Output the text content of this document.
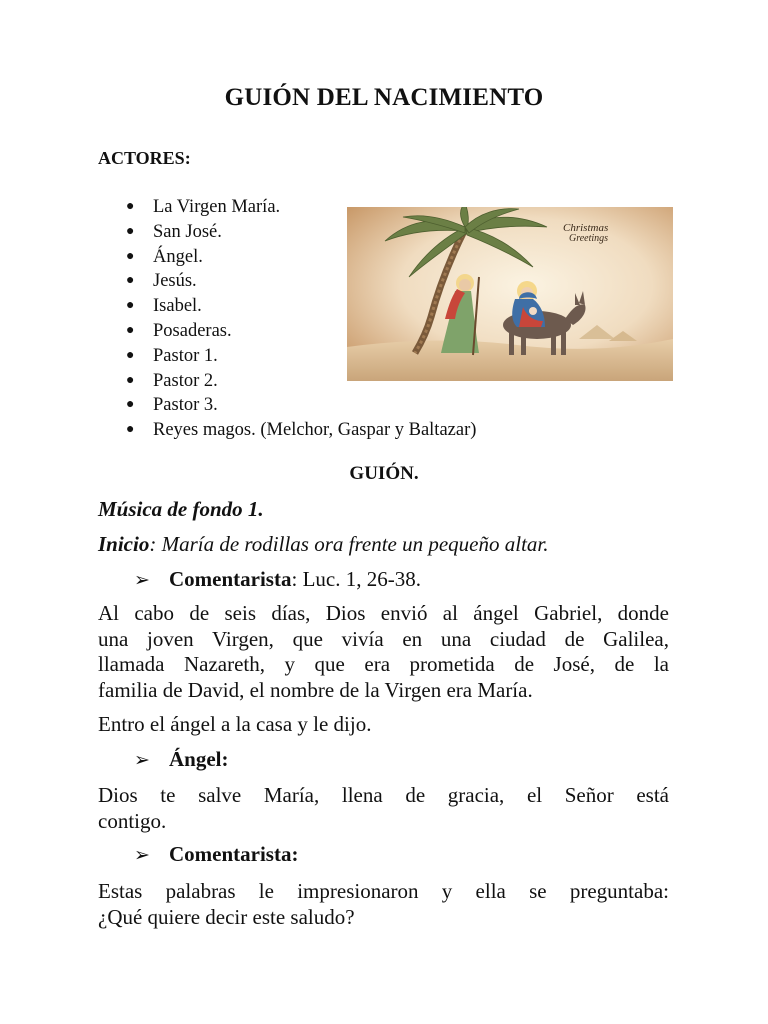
GUIÓN DEL NACIMIENTO
ACTORES:
● La Virgen María.
● San José.
● Ángel.
● Jesús.
● Isabel.
● Posaderas.
● Pastor 1.
● Pastor 2.
● Pastor 3.
● Reyes magos. (Melchor, Gaspar y Baltazar)
Christmas
Greetings
GUIÓN.
Música de fondo 1.
Inicio: María de rodillas ora frente un pequeño altar.
➢ Comentarista: Luc. 1, 26-38.
Al cabo de seis días, Dios envió al ángel Gabriel, donde
una joven Virgen, que vivía en una ciudad de Galilea,
llamada Nazareth, y que era prometida de José, de la
familia de David, el nombre de la Virgen era María.
Entro el ángel a la casa y le dijo.
➢ Ángel:
Dios te salve María, llena de gracia, el Señor está
contigo.
➢ Comentarista:
Estas palabras le impresionaron y ella se preguntaba:
¿Qué quiere decir este saludo?
